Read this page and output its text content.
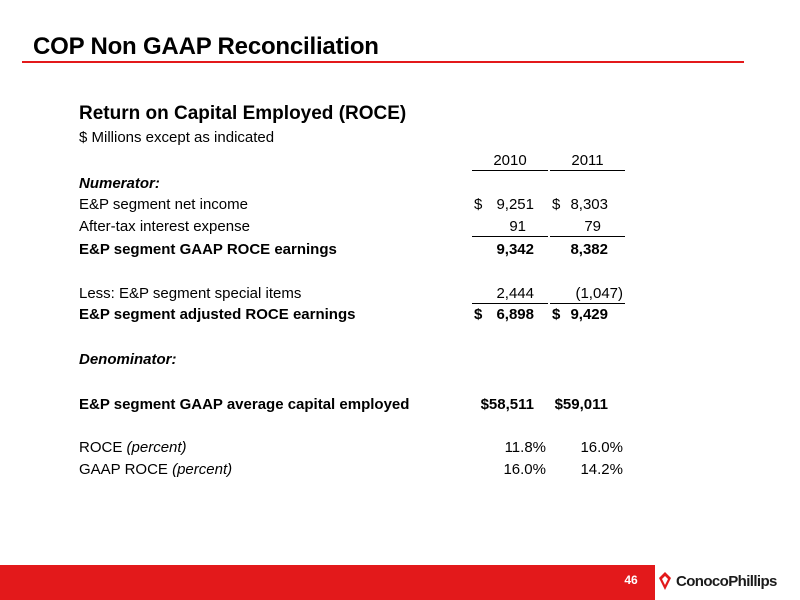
COP Non GAAP Reconciliation
Return on Capital Employed (ROCE)
$ Millions except as indicated
2010	2011
Numerator:
E&P segment net income	$ 9,251 $ 8,303
After-tax interest expense	91	79
E&P segment GAAP ROCE earnings	9,342	8,382
Less: E&P segment special items	2,444	(1,047)
E&P segment adjusted ROCE earnings	$ 6,898 $ 9,429
Denominator:
E&P segment GAAP average capital employed	$58,511	$59,011
ROCE (percent)	11.8%	16.0%
GAAP ROCE (percent)	16.0%	14.2%
46	ConocoPhillips
